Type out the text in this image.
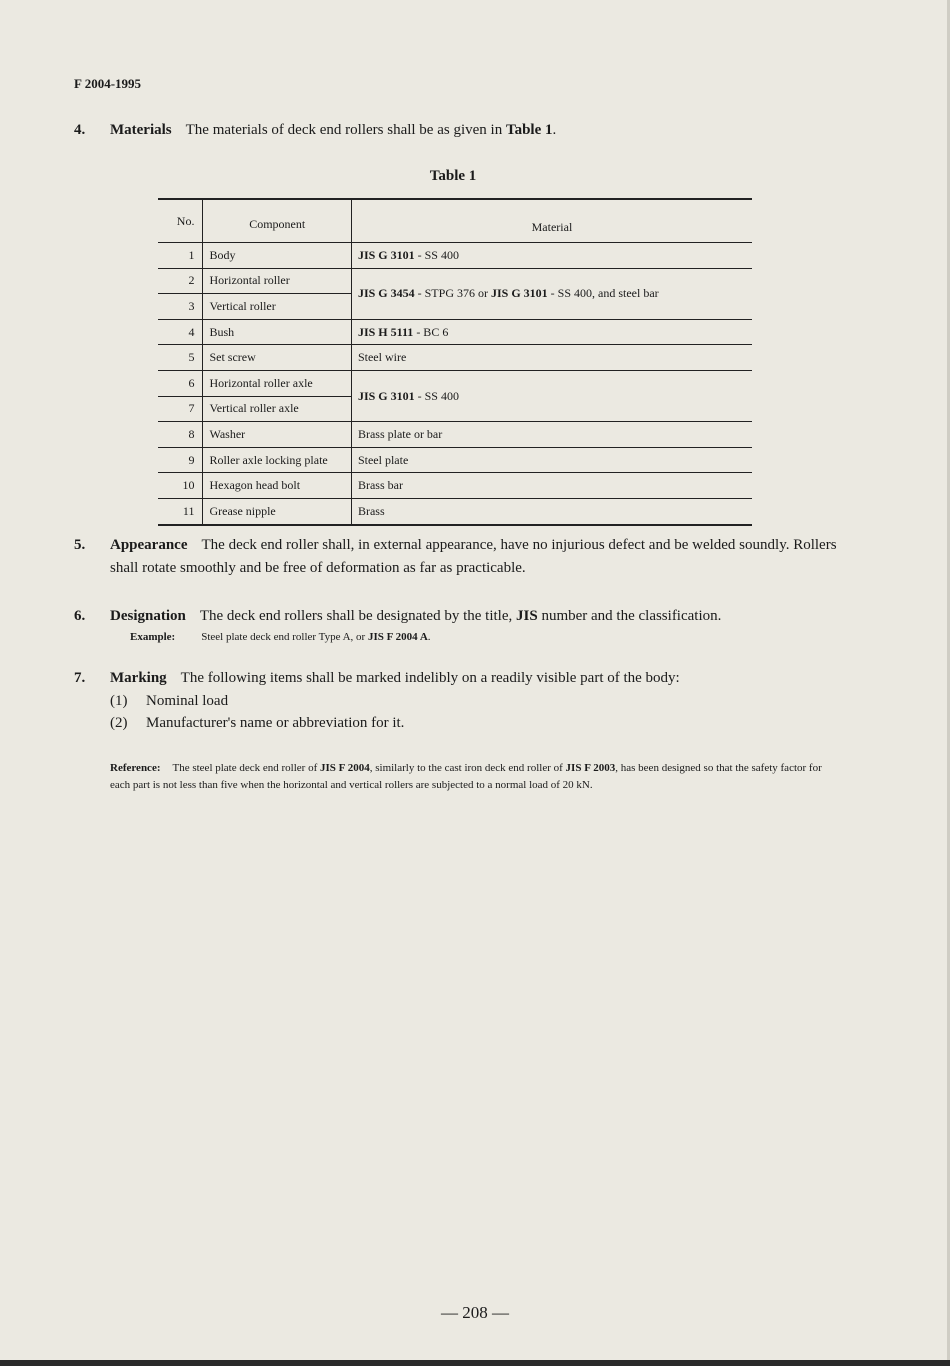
F 2004-1995
4. Materials The materials of deck end rollers shall be as given in Table 1.
Table 1
No.	Component	Material
1	Body	JIS G 3101 - SS 400
2	Horizontal roller	JIS G 3454 - STPG 376 or JIS G 3101 - SS 400, and steel bar
3	Vertical roller	
4	Bush	JIS H 5111 - BC 6
5	Set screw	Steel wire
6	Horizontal roller axle	JIS G 3101 - SS 400
7	Vertical roller axle	
8	Washer	Brass plate or bar
9	Roller axle locking plate	Steel plate
10	Hexagon head bolt	Brass bar
11	Grease nipple	Brass
5. Appearance The deck end roller shall, in external appearance, have no injurious defect and be welded soundly. Rollers shall rotate smoothly and be free of deformation as far as practicable.
6. Designation The deck end rollers shall be designated by the title, JIS number and the classification.
Example: Steel plate deck end roller Type A, or JIS F 2004 A.
7. Marking The following items shall be marked indelibly on a readily visible part of the body:
(1) Nominal load
(2) Manufacturer's name or abbreviation for it.
Reference: The steel plate deck end roller of JIS F 2004, similarly to the cast iron deck end roller of JIS F 2003, has been designed so that the safety factor for each part is not less than five when the horizontal and vertical rollers are subjected to a normal load of 20 kN.
— 208 —
